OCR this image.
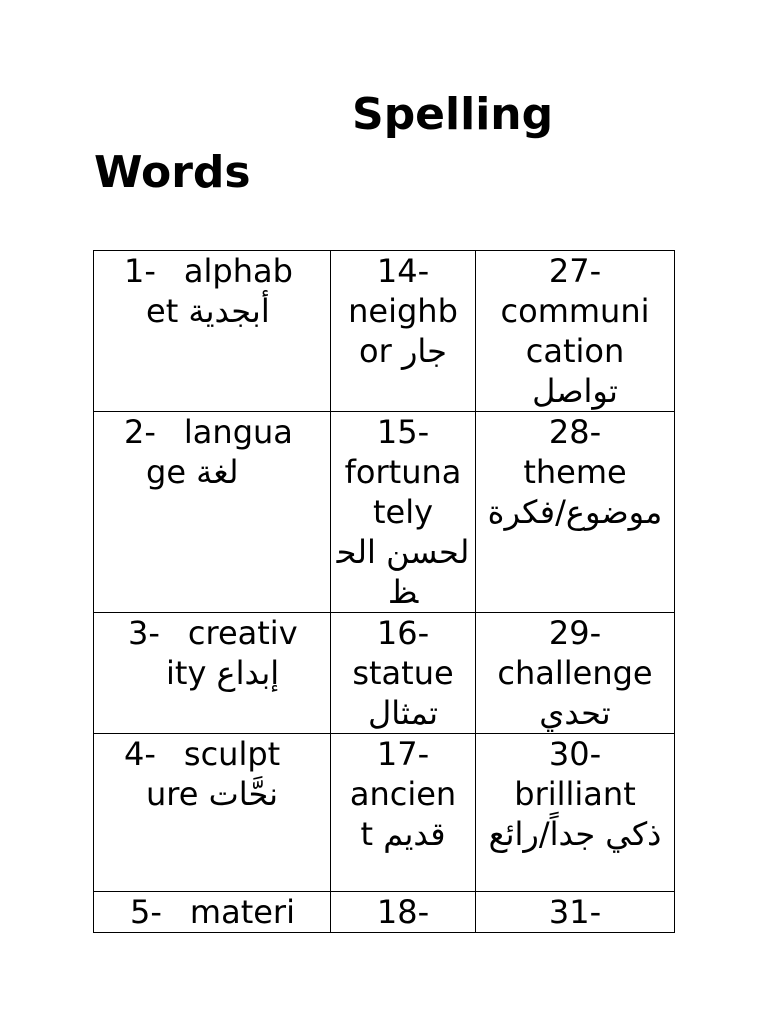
Spelling Words
1- alphab
et أبجدية	14-
neighb
or جار	27-
communi
cation
تواصل

2- langua
ge لغة	15-
fortuna
tely
لحسن الحظ	28-
theme
موضوع/فكرة

3- creativ
ity إبداع	16-
statue
تمثال	29-
challenge
تحدي

4- sculpt
ure نحَّات	17-
ancien
t قديم	30-
brilliant
ذكي جداً/رائع

5- materi	18-	31-
